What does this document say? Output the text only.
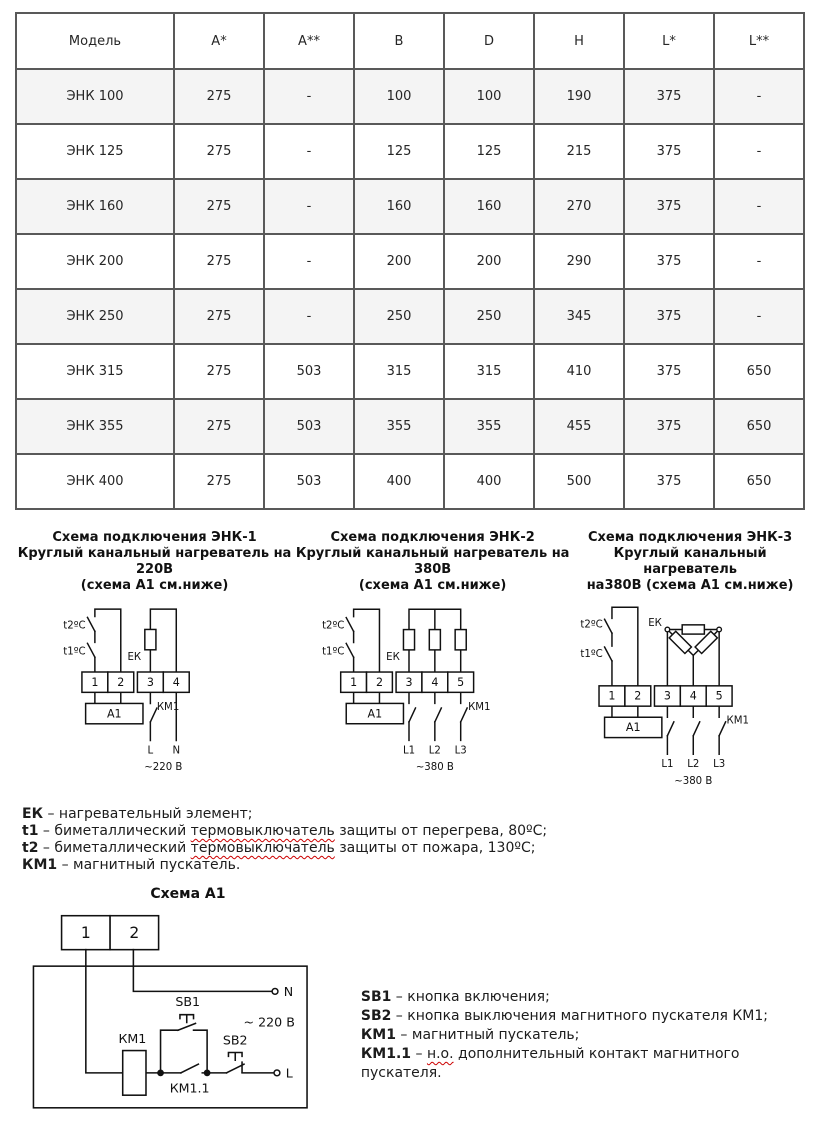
Модель	A*	A**	B	D	H	L*	L**
ЭНК 100	275	-	100	100	190	375	-
ЭНК 125	275	-	125	125	215	375	-
ЭНК 160	275	-	160	160	270	375	-
ЭНК 200	275	-	200	200	290	375	-
ЭНК 250	275	-	250	250	345	375	-
ЭНК 315	275	503	315	315	410	375	650
ЭНК 355	275	503	355	355	455	375	650
ЭНК 400	275	503	400	400	500	375	650
Схема подключения ЭНК-1
Круглый канальный нагреватель на 220В
(схема А1 см.ниже)
1 2 3 4
А1
t2ºC
t1ºC
ЕК
КМ1
L N
~220 В
Схема подключения ЭНК-2
Круглый канальный нагреватель на 380В
(схема А1 см.ниже)
1 2 3 4 5
А1
t2ºC
t1ºC
ЕК
КМ1
L1 L2 L3
~380 В
Схема подключения ЭНК-3
Круглый канальный нагреватель
на380В (схема А1 см.ниже)
1 2 3 4 5
А1
t2ºC
t1ºC
ЕК
КМ1
L1 L2 L3
~380 В
ЕК – нагревательный элемент;
t1 – биметаллический термовыключатель защиты от перегрева, 80ºС;
t2 – биметаллический термовыключатель защиты от пожара, 130ºС;
КМ1 – магнитный пускатель.
Схема А1
1 2
N
L
КМ1
КМ1.1
SB1
SB2
~ 220 В
SB1 – кнопка включения;
SB2 – кнопка выключения магнитного пускателя КМ1;
КМ1 – магнитный пускатель;
КМ1.1 – н.о. дополнительный контакт магнитного пускателя.
